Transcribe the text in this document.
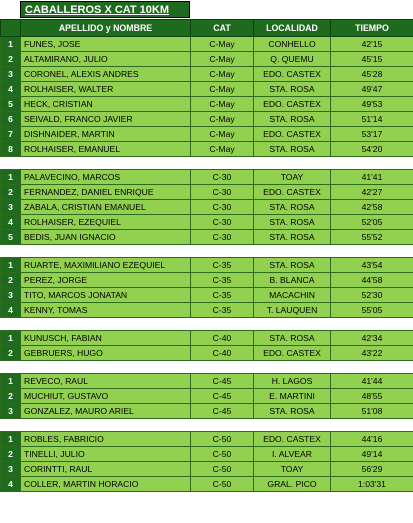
CABALLEROS X CAT 10KM
	APELLIDO y NOMBRE	CAT	LOCALIDAD	TIEMPO
1	FUNES, JOSE	C-May	CONHELLO	42'15
2	ALTAMIRANO, JULIO	C-May	Q. QUEMU	45'15
3	CORONEL, ALEXIS ANDRES	C-May	EDO. CASTEX	45'28
4	ROLHAISER, WALTER	C-May	STA. ROSA	49'47
5	HECK, CRISTIAN	C-May	EDO. CASTEX	49'53
6	SEIVALD, FRANCO JAVIER	C-May	STA. ROSA	51'14
7	DISHNAIDER, MARTIN	C-May	EDO. CASTEX	53'17
8	ROLHAISER, EMANUEL	C-May	STA. ROSA	54'20

1	PALAVECINO, MARCOS	C-30	TOAY	41'41
2	FERNANDEZ, DANIEL ENRIQUE	C-30	EDO. CASTEX	42'27
3	ZABALA, CRISTIAN EMANUEL	C-30	STA. ROSA	42'58
4	ROLHAISER, EZEQUIEL	C-30	STA. ROSA	52'05
5	BEDIS, JUAN IGNACIO	C-30	STA. ROSA	55'52

1	RUARTE, MAXIMILIANO EZEQUIEL	C-35	STA. ROSA	43'54
2	PEREZ, JORGE	C-35	B. BLANCA	44'58
3	TITO, MARCOS JONATAN	C-35	MACACHIN	52'30
4	KENNY, TOMAS	C-35	T. LAUQUEN	55'05

1	KUNUSCH, FABIAN	C-40	STA. ROSA	42'34
2	GEBRUERS, HUGO	C-40	EDO. CASTEX	43'22

1	REVECO, RAUL	C-45	H. LAGOS	41'44
2	MUCHIUT, GUSTAVO	C-45	E. MARTINI	48'55
3	GONZALEZ, MAURO ARIEL	C-45	STA. ROSA	51'08

1	ROBLES, FABRICIO	C-50	EDO. CASTEX	44'16
2	TINELLI, JULIO	C-50	I. ALVEAR	49'14
3	CORINTTI, RAUL	C-50	TOAY	56'29
4	COLLER, MARTIN HORACIO	C-50	GRAL. PICO	1:03'31
